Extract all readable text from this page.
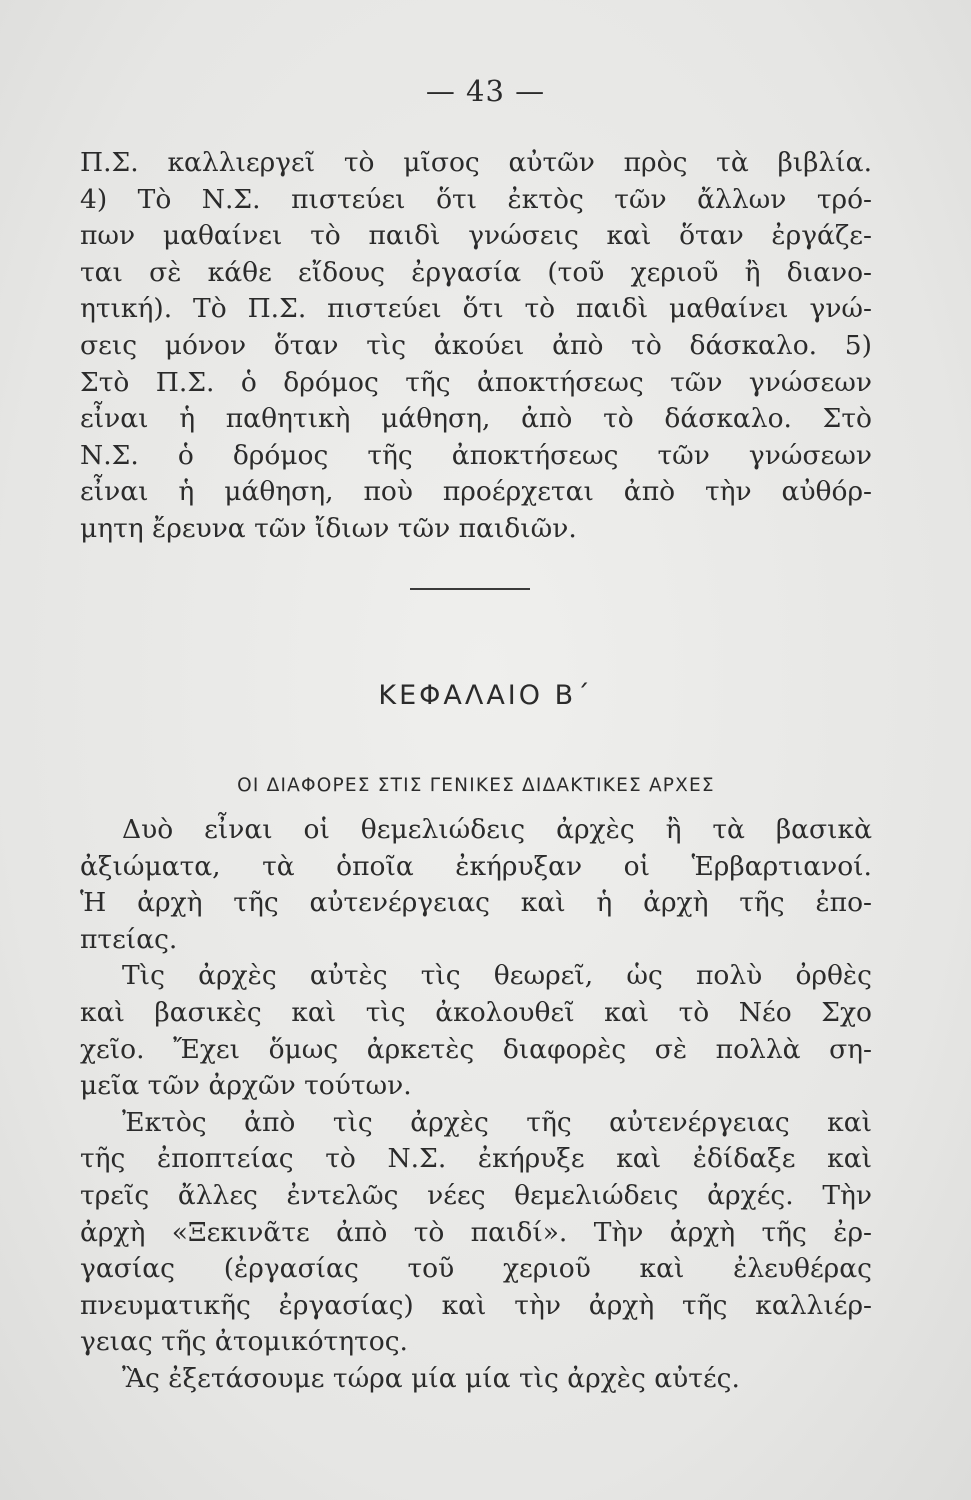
— 43 —
Π.Σ. καλλιεργεῖ τὸ μῖσος αὐτῶν πρὸς τὰ βιβλία.
4) Τὸ Ν.Σ. πιστεύει ὅτι ἐκτὸς τῶν ἄλλων τρό-
πων μαθαίνει τὸ παιδὶ γνώσεις καὶ ὅταν ἐργάζε-
ται σὲ κάθε εἴδους ἐργασία (τοῦ χεριοῦ ἢ διανο-
ητική). Τὸ Π.Σ. πιστεύει ὅτι τὸ παιδὶ μαθαίνει γνώ-
σεις μόνον ὅταν τὶς ἀκούει ἀπὸ τὸ δάσκαλο. 5)
Στὸ Π.Σ. ὁ δρόμος τῆς ἀποκτήσεως τῶν γνώσεων
εἶναι ἡ παθητικὴ μάθηση, ἀπὸ τὸ δάσκαλο. Στὸ
Ν.Σ. ὁ δρόμος τῆς ἀποκτήσεως τῶν γνώσεων
εἶναι ἡ μάθηση, ποὺ προέρχεται ἀπὸ τὴν αὐθόρ-
μητη ἔρευνα τῶν ἴδιων τῶν παιδιῶν.
ΚΕΦΑΛΑΙΟ Β΄
ΟΙ ΔΙΑΦΟΡΕΣ ΣΤΙΣ ΓΕΝΙΚΕΣ ΔΙΔΑΚΤΙΚΕΣ ΑΡΧΕΣ
Δυὸ εἶναι οἱ θεμελιώδεις ἀρχὲς ἢ τὰ βασικὰ
ἀξιώματα, τὰ ὁποῖα ἐκήρυξαν οἱ Ἑρβαρτιανοί.
Ἡ ἀρχὴ τῆς αὐτενέργειας καὶ ἡ ἀρχὴ τῆς ἐπο-
πτείας.
Τὶς ἀρχὲς αὐτὲς τὶς θεωρεῖ, ὡς πολὺ ὀρθὲς
καὶ βασικὲς καὶ τὶς ἀκολουθεῖ καὶ τὸ Νέο Σχο
χεῖο. Ἔχει ὅμως ἀρκετὲς διαφορὲς σὲ πολλὰ ση-
μεῖα τῶν ἀρχῶν τούτων.
Ἐκτὸς ἀπὸ τὶς ἀρχὲς τῆς αὐτενέργειας καὶ
τῆς ἐποπτείας τὸ Ν.Σ. ἐκήρυξε καὶ ἐδίδαξε καὶ
τρεῖς ἄλλες ἐντελῶς νέες θεμελιώδεις ἀρχές. Τὴν
ἀρχὴ «Ξεκινᾶτε ἀπὸ τὸ παιδί». Τὴν ἀρχὴ τῆς ἐρ-
γασίας (ἐργασίας τοῦ χεριοῦ καὶ ἐλευθέρας
πνευματικῆς ἐργασίας) καὶ τὴν ἀρχὴ τῆς καλλιέρ-
γειας τῆς ἀτομικότητος.
Ἂς ἐξετάσουμε τώρα μία μία τὶς ἀρχὲς αὐτές.
